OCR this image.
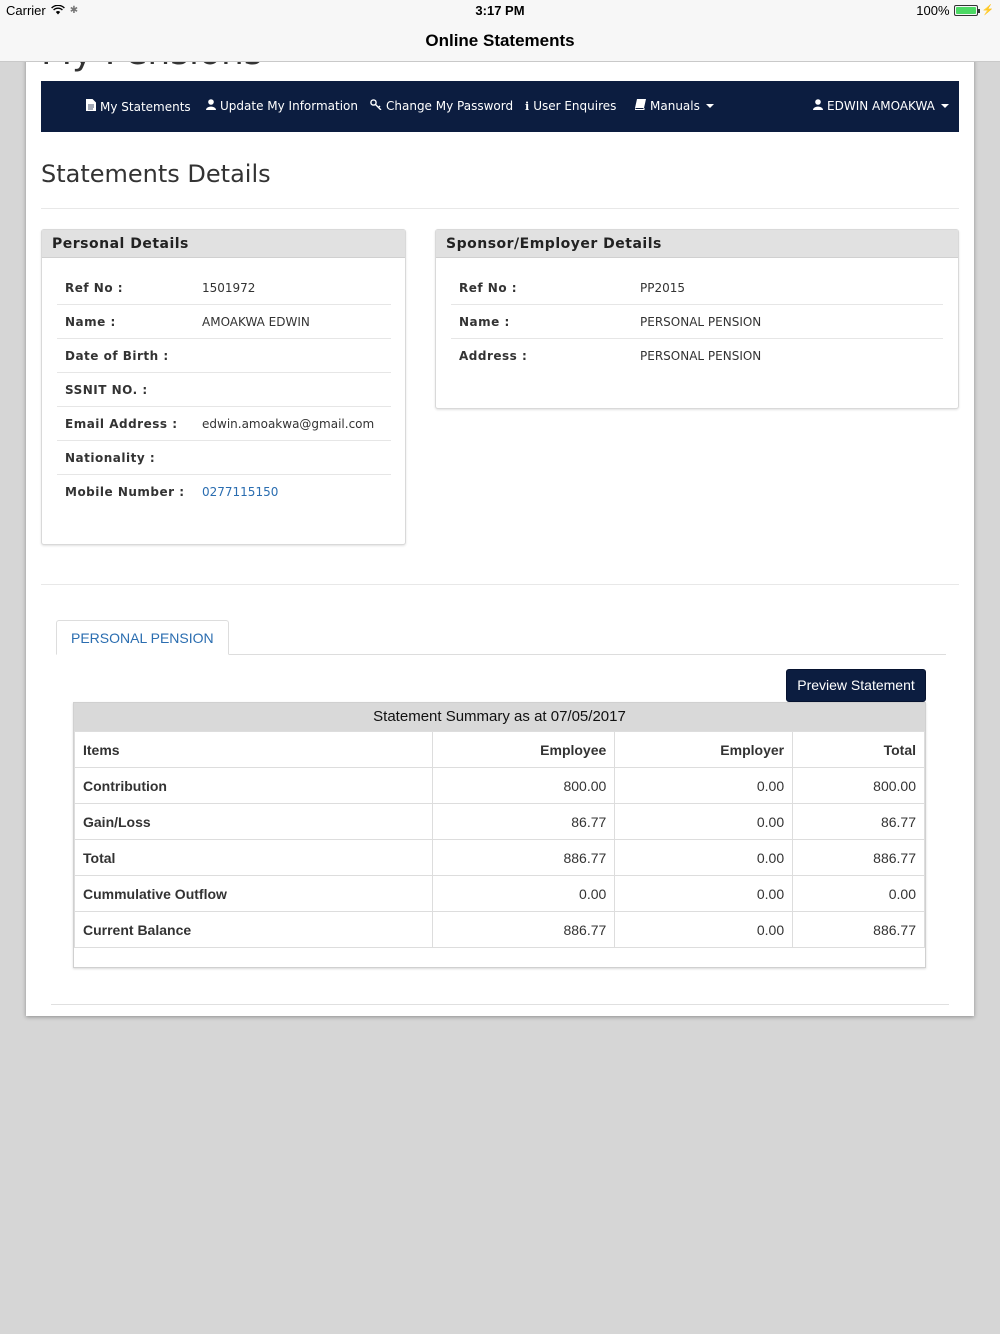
Carrier ✱	3:17 PM	100%	⚡
Online Statements
My Statements Update My Information Change My Password i User Enquires	Manuals	EDWIN AMOAKWA
Statements Details
Personal Details
Ref No :	1501972
Name :	AMOAKWA EDWIN
Date of Birth :
SSNIT NO. :
Email Address : edwin.amoakwa@gmail.com
Nationality :
Mobile Number : 0277115150
Sponsor/Employer Details
Ref No :	PP2015
Name :	PERSONAL PENSION
Address :	PERSONAL PENSION
PERSONAL PENSION
Preview Statement
Statement Summary as at 07/05/2017
Items	Employee	Employer	Total
Contribution	800.00	0.00	800.00
Gain/Loss	86.77	0.00	86.77
Total	886.77	0.00	886.77
Cummulative Outflow	0.00	0.00	0.00
Current Balance	886.77	0.00	886.77
